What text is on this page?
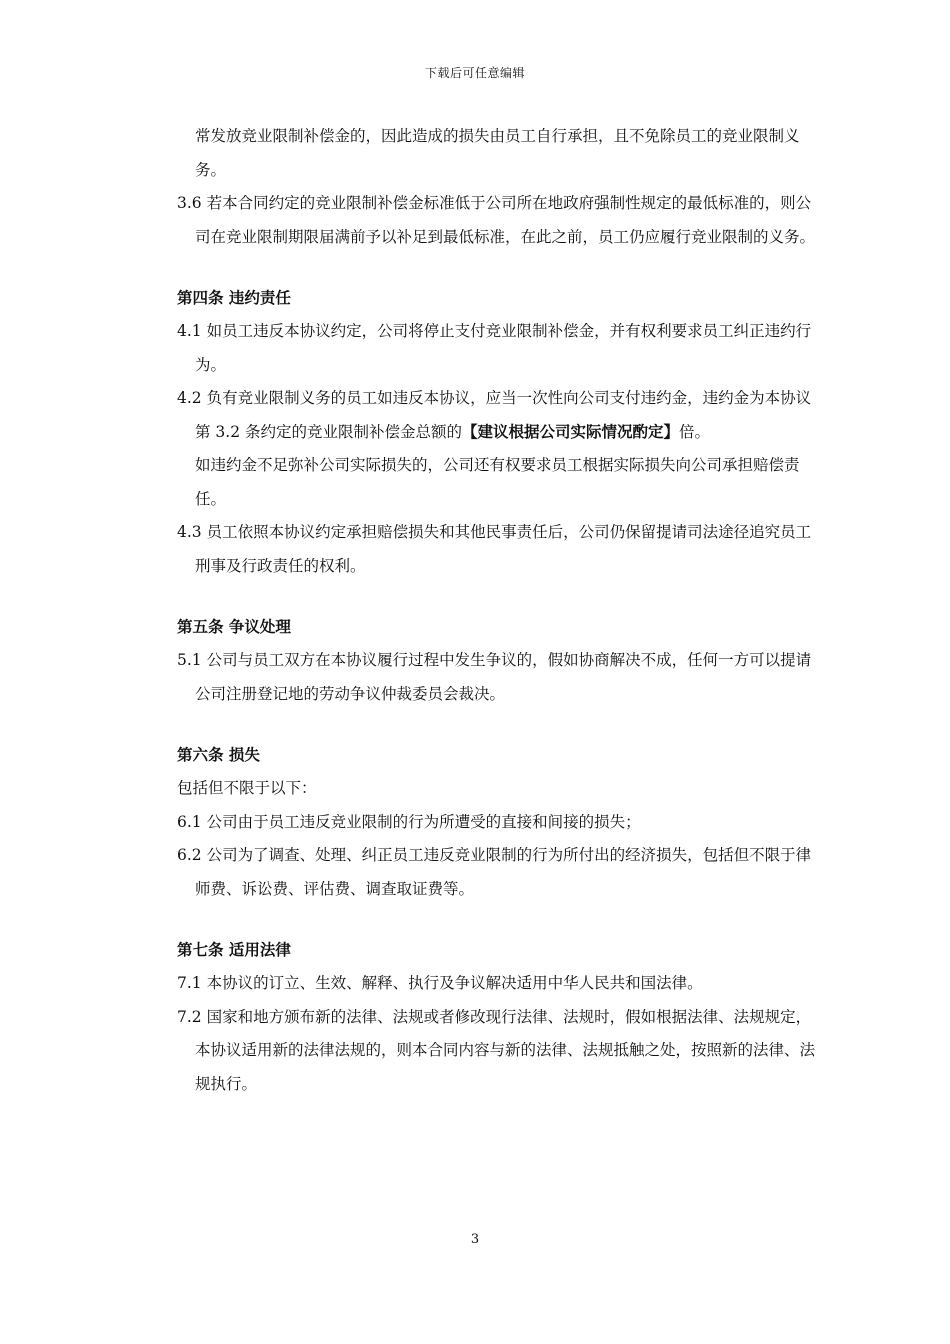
下载后可任意编辑

常发放竞业限制补偿金的，因此造成的损失由员工自行承担，且不免除员工的竞业限制义务。

3.6 若本合同约定的竞业限制补偿金标准低于公司所在地政府强制性规定的最低标准的，则公司在竞业限制期限届满前予以补足到最低标准，在此之前，员工仍应履行竞业限制的义务。

第四条 违约责任

4.1 如员工违反本协议约定，公司将停止支付竞业限制补偿金，并有权利要求员工纠正违约行为。

4.2 负有竞业限制义务的员工如违反本协议，应当一次性向公司支付违约金，违约金为本协议第 3.2 条约定的竞业限制补偿金总额的【建议根据公司实际情况酌定】倍。

如违约金不足弥补公司实际损失的，公司还有权要求员工根据实际损失向公司承担赔偿责任。

4.3 员工依照本协议约定承担赔偿损失和其他民事责任后，公司仍保留提请司法途径追究员工刑事及行政责任的权利。

第五条 争议处理

5.1 公司与员工双方在本协议履行过程中发生争议的，假如协商解决不成，任何一方可以提请公司注册登记地的劳动争议仲裁委员会裁决。

第六条 损失

包括但不限于以下：

6.1 公司由于员工违反竞业限制的行为所遭受的直接和间接的损失；

6.2 公司为了调查、处理、纠正员工违反竞业限制的行为所付出的经济损失，包括但不限于律师费、诉讼费、评估费、调查取证费等。

第七条 适用法律

7.1 本协议的订立、生效、解释、执行及争议解决适用中华人民共和国法律。

7.2 国家和地方颁布新的法律、法规或者修改现行法律、法规时，假如根据法律、法规规定，本协议适用新的法律法规的，则本合同内容与新的法律、法规抵触之处，按照新的法律、法规执行。

3
